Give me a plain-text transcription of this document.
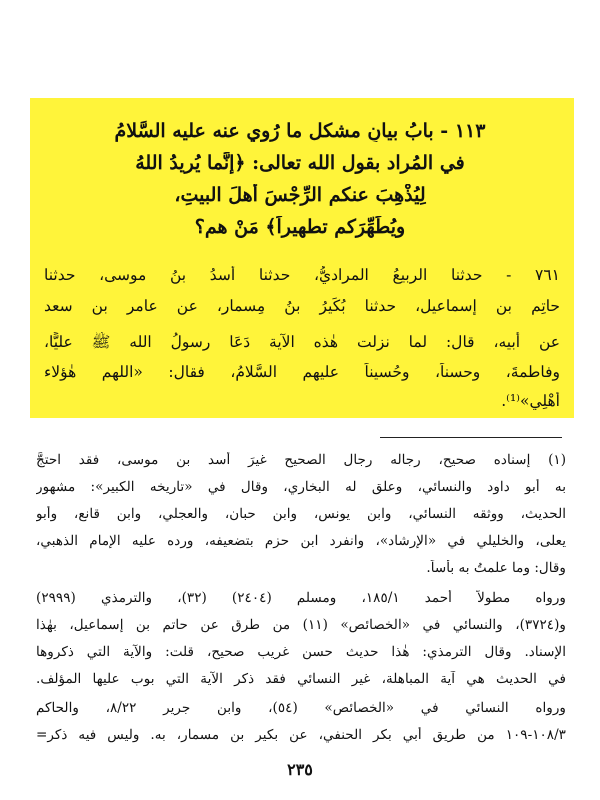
١١٣ - بابُ بيانِ مشكل ما رُوي عنه عليه السَّلامُ
في المُراد بقول الله تعالى: ﴿إنَّما يُريدُ اللهُ
لِيُذْهِبَ عنكم الرِّجْسَ أهلَ البيتِ،
ويُطَهِّرَكم تطهيراً﴾ مَنْ هم؟
٧٦١ - حدثنا الربيعُ المراديُّ، حدثنا أسدُ بنُ موسى، حدثنا
حاتِم بن إسماعيل، حدثنا بُكَيرُ بنُ مِسمار، عن عامر بن سعد
عن أبيه، قال: لما نزلت هٰذه الآية دَعَا رسولُ الله ﷺ عليًّا،
وفاطمةَ، وحسناً، وحُسيناً عليهم السَّلامُ، فقال: «اللهم هٰؤلاء
أَهْلِي»⁽¹⁾.
(١) إسناده صحيح، رجاله رجال الصحيح غيرَ أسد بن موسى، فقد احتجَّ
به أبو داود والنسائي، وعلق له البخاري، وقال في «تاريخه الكبير»: مشهور
الحديث، ووثقه النسائي، وابن يونس، وابن حبان، والعجلي، وابن قانع، وأبو
يعلى، والخليلي في «الإرشاد»، وانفرد ابن حزم بتضعيفه، ورده عليه الإمام الذهبي،
وقال: وما علمتُ به بأساً.
ورواه مطولاً أحمد ١٨٥/١، ومسلم (٢٤٠٤) (٣٢)، والترمذي (٢٩٩٩)
و(٣٧٢٤)، والنسائي في «الخصائص» (١١) من طرق عن حاتم بن إسماعيل، بهٰذا
الإسناد. وقال الترمذي: هٰذا حديث حسن غريب صحيح، قلت: والآية التي ذكروها
في الحديث هي آية المباهلة، غير النسائي فقد ذكر الآية التي بوب عليها المؤلف.
ورواه النسائي في «الخصائص» (٥٤)، وابن جرير ٨/٢٢، والحاكم
١٠٨/٣-١٠٩ من طريق أبي بكر الحنفي، عن بكير بن مسمار، به. وليس فيه ذكر=
٢٣٥
